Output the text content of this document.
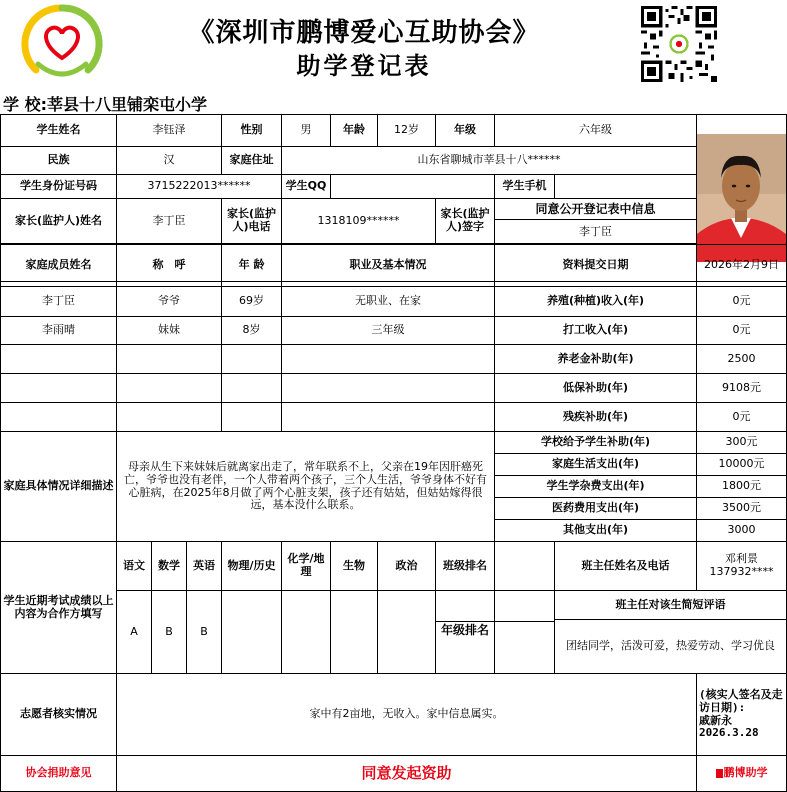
《深圳市鹏博爱心互助协会》
助学登记表
学 校:莘县十八里铺栾屯小学
学生姓名	李钰泽	性别	男	年龄	12岁	年级	六年级	

民族	汉	家庭住址	山东省聊城市莘县十八******						
学生身份证号码	3715222013******		学生QQ				学生手机		
家长(监护人)姓名	李丁臣	家长(监护人)电话	1318109******			家长(监护人)签字	同意公开登记表中信息
李丁臣		

家庭成员姓名	称　呼			年 龄	职业及基本情况				资料提交日期		2026年2月9日
李丁臣	爷爷			69岁	无职业、在家				养殖(种植)收入(年)		0元
李雨晴	妹妹			8岁	三年级				打工收入(年)		0元
									养老金补助(年)		2500
									低保补助(年)		9108元
									残疾补助(年)		0元
家庭具体情况详细描述	母亲从生下来妹妹后就离家出走了，常年联系不上，父亲在19年因肝癌死亡，爷爷也没有老伴，一个人带着两个孩子，三个人生活，爷爷身体不好有心脏病，在2025年8月做了两个心脏支架，孩子还有姑姑，但姑姑嫁得很远，基本没什么联系。								学校给予学生补助(年)		300元
									家庭生活支出(年)		10000元
									学生学杂费支出(年)		1800元
									医药费用支出(年)		3500元
									其他支出(年)		3000
学生近期考试成绩以上内容为合作方填写	语文	数学	英语	物理/历史	化学/地理	生物	政治	班级排名		班主任姓名及电话	邓利景
137932****

	A	B	B					年级排名		班主任对该生简短评语	
										团结同学，活泼可爱，热爱劳动、学习优良	
志愿者核实情况	家中有2亩地，无收入。家中信息属实。										(核实人签名及走访日期):
戚新永
2026.3.28

协会捐助意见	同意发起资助										鹏博助学
